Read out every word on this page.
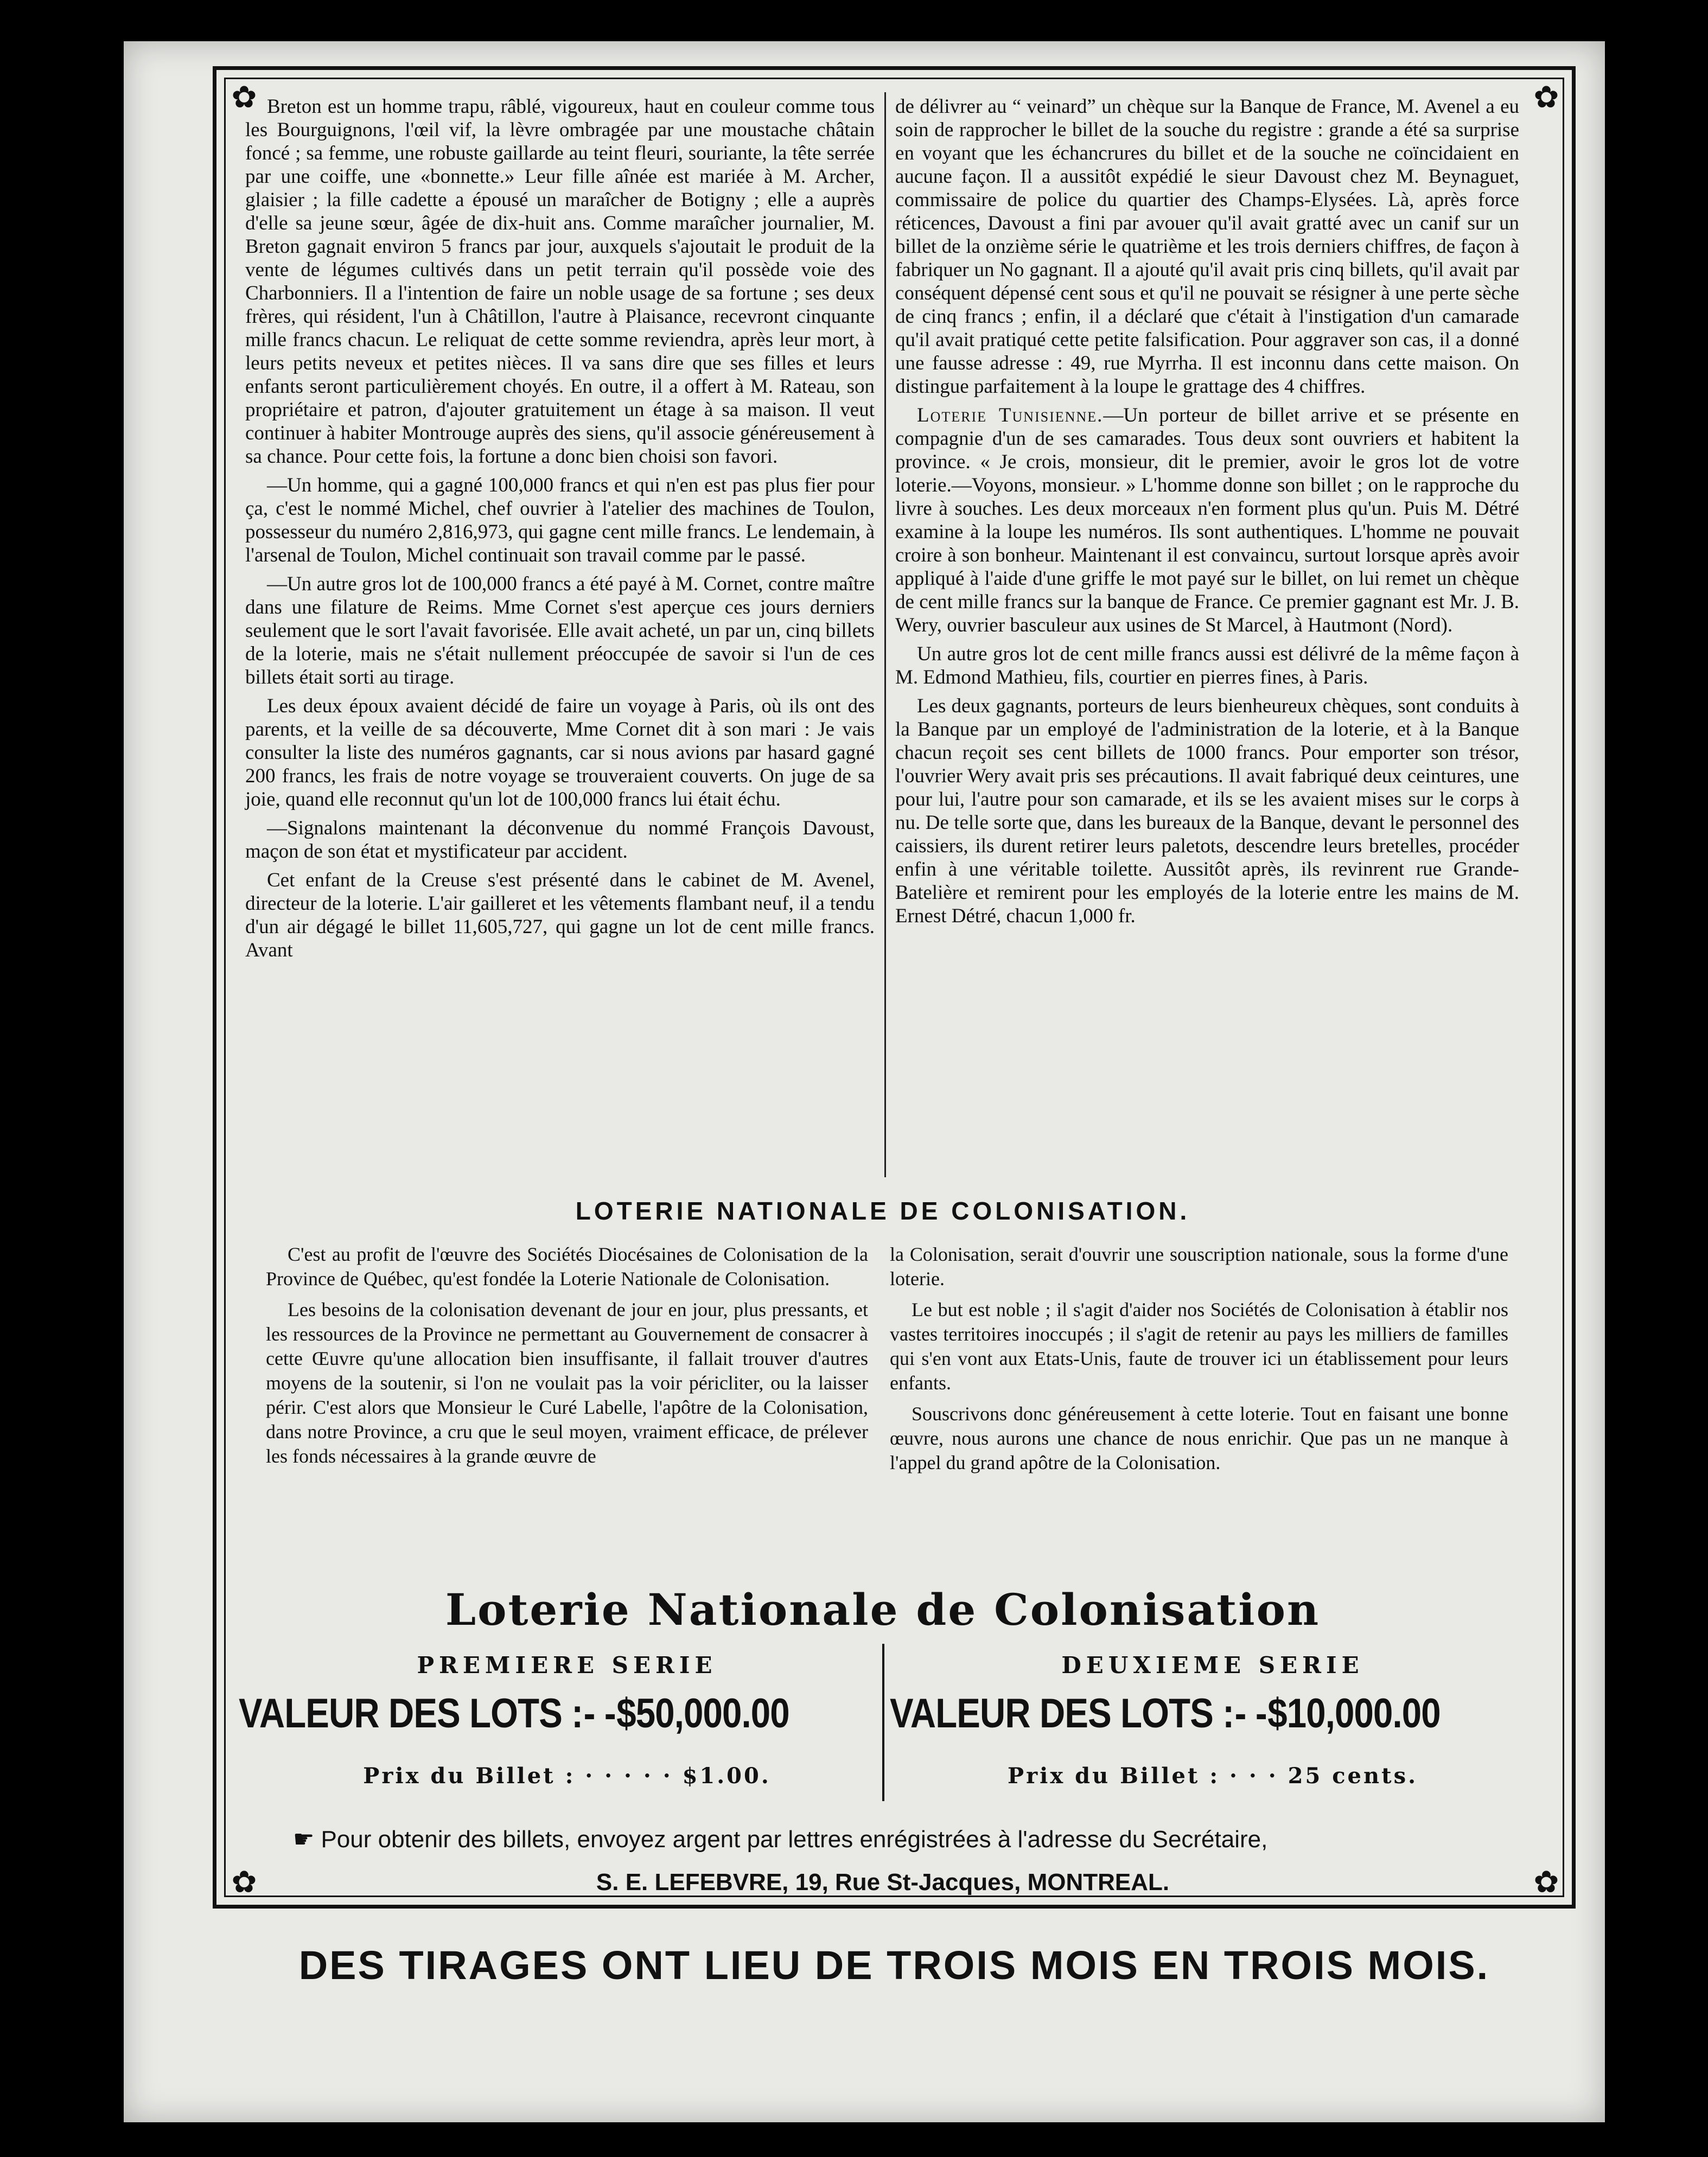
✿	✿
✿	✿

Breton est un homme trapu, râblé, vigoureux, haut en couleur comme tous les Bourguignons, l'œil vif, la lèvre ombragée par une moustache châtain foncé ; sa femme, une robuste gaillarde au teint fleuri, souriante, la tête serrée par une coiffe, une «bonnette.» Leur fille aînée est mariée à M. Archer, glaisier ; la fille cadette a épousé un maraîcher de Botigny ; elle a auprès d'elle sa jeune sœur, âgée de dix-huit ans. Comme maraîcher journalier, M. Breton gagnait environ 5 francs par jour, auxquels s'ajoutait le produit de la vente de légumes cultivés dans un petit terrain qu'il possède voie des Charbonniers. Il a l'intention de faire un noble usage de sa fortune ; ses deux frères, qui résident, l'un à Châtillon, l'autre à Plaisance, recevront cinquante mille francs chacun. Le reliquat de cette somme reviendra, après leur mort, à leurs petits neveux et petites nièces. Il va sans dire que ses filles et leurs enfants seront particulièrement choyés. En outre, il a offert à M. Rateau, son propriétaire et patron, d'ajouter gratuitement un étage à sa maison. Il veut continuer à habiter Montrouge auprès des siens, qu'il associe généreusement à sa chance. Pour cette fois, la fortune a donc bien choisi son favori.

—Un homme, qui a gagné 100,000 francs et qui n'en est pas plus fier pour ça, c'est le nommé Michel, chef ouvrier à l'atelier des machines de Toulon, possesseur du numéro 2,816,973, qui gagne cent mille francs. Le lendemain, à l'arsenal de Toulon, Michel continuait son travail comme par le passé.

—Un autre gros lot de 100,000 francs a été payé à M. Cornet, contre maître dans une filature de Reims. Mme Cornet s'est aperçue ces jours derniers seulement que le sort l'avait favorisée. Elle avait acheté, un par un, cinq billets de la loterie, mais ne s'était nullement préoccupée de savoir si l'un de ces billets était sorti au tirage.

Les deux époux avaient décidé de faire un voyage à Paris, où ils ont des parents, et la veille de sa découverte, Mme Cornet dit à son mari : Je vais consulter la liste des numéros gagnants, car si nous avions par hasard gagné 200 francs, les frais de notre voyage se trouveraient couverts. On juge de sa joie, quand elle reconnut qu'un lot de 100,000 francs lui était échu.

—Signalons maintenant la déconvenue du nommé François Davoust, maçon de son état et mystificateur par accident.

Cet enfant de la Creuse s'est présenté dans le cabinet de M. Avenel, directeur de la loterie. L'air gailleret et les vêtements flambant neuf, il a tendu d'un air dégagé le billet 11,605,727, qui gagne un lot de cent mille francs. Avant

de délivrer au “ veinard” un chèque sur la Banque de France, M. Avenel a eu soin de rapprocher le billet de la souche du registre : grande a été sa surprise en voyant que les échancrures du billet et de la souche ne coïncidaient en aucune façon. Il a aussitôt expédié le sieur Davoust chez M. Beynaguet, commissaire de police du quartier des Champs-Elysées. Là, après force réticences, Davoust a fini par avouer qu'il avait gratté avec un canif sur un billet de la onzième série le quatrième et les trois derniers chiffres, de façon à fabriquer un No gagnant. Il a ajouté qu'il avait pris cinq billets, qu'il avait par conséquent dépensé cent sous et qu'il ne pouvait se résigner à une perte sèche de cinq francs ; enfin, il a déclaré que c'était à l'instigation d'un camarade qu'il avait pratiqué cette petite falsification. Pour aggraver son cas, il a donné une fausse adresse : 49, rue Myrrha. Il est inconnu dans cette maison. On distingue parfaitement à la loupe le grattage des 4 chiffres.

Loterie Tunisienne.—Un porteur de billet arrive et se présente en compagnie d'un de ses camarades. Tous deux sont ouvriers et habitent la province. « Je crois, monsieur, dit le premier, avoir le gros lot de votre loterie.—Voyons, monsieur. » L'homme donne son billet ; on le rapproche du livre à souches. Les deux morceaux n'en forment plus qu'un. Puis M. Détré examine à la loupe les numéros. Ils sont authentiques. L'homme ne pouvait croire à son bonheur. Maintenant il est convaincu, surtout lorsque après avoir appliqué à l'aide d'une griffe le mot payé sur le billet, on lui remet un chèque de cent mille francs sur la banque de France. Ce premier gagnant est Mr. J. B. Wery, ouvrier basculeur aux usines de St Marcel, à Hautmont (Nord).

Un autre gros lot de cent mille francs aussi est délivré de la même façon à M. Edmond Mathieu, fils, courtier en pierres fines, à Paris.

Les deux gagnants, porteurs de leurs bienheureux chèques, sont conduits à la Banque par un employé de l'administration de la loterie, et à la Banque chacun reçoit ses cent billets de 1000 francs. Pour emporter son trésor, l'ouvrier Wery avait pris ses précautions. Il avait fabriqué deux ceintures, une pour lui, l'autre pour son camarade, et ils se les avaient mises sur le corps à nu. De telle sorte que, dans les bureaux de la Banque, devant le personnel des caissiers, ils durent retirer leurs paletots, descendre leurs bretelles, procéder enfin à une véritable toilette. Aussitôt après, ils revinrent rue Grande-Batelière et remirent pour les employés de la loterie entre les mains de M. Ernest Détré, chacun 1,000 fr.

LOTERIE NATIONALE DE COLONISATION.

C'est au profit de l'œuvre des Sociétés Diocésaines de Colonisation de la Province de Québec, qu'est fondée la Loterie Nationale de Colonisation.

Les besoins de la colonisation devenant de jour en jour, plus pressants, et les ressources de la Province ne permettant au Gouvernement de consacrer à cette Œuvre qu'une allocation bien insuffisante, il fallait trouver d'autres moyens de la soutenir, si l'on ne voulait pas la voir péricliter, ou la laisser périr. C'est alors que Monsieur le Curé Labelle, l'apôtre de la Colonisation, dans notre Province, a cru que le seul moyen, vraiment efficace, de prélever les fonds nécessaires à la grande œuvre de

la Colonisation, serait d'ouvrir une souscription nationale, sous la forme d'une loterie.

Le but est noble ; il s'agit d'aider nos Sociétés de Colonisation à établir nos vastes territoires inoccupés ; il s'agit de retenir au pays les milliers de familles qui s'en vont aux Etats-Unis, faute de trouver ici un établissement pour leurs enfants.

Souscrivons donc généreusement à cette loterie. Tout en faisant une bonne œuvre, nous aurons une chance de nous enrichir. Que pas un ne manque à l'appel du grand apôtre de la Colonisation.

Loterie Nationale de Colonisation
PREMIERE SERIE	DEUXIEME SERIE
VALEUR DES LOTS : - - $50,000.00 VALEUR DES LOTS : - - $10,000.00
Prix du Billet : · · · · · $1.00.	Prix du Billet : · · · 25 cents.
☛ Pour obtenir des billets, envoyez argent par lettres enrégistrées à l'adresse du Secrétaire,
S. E. LEFEBVRE, 19, Rue St-Jacques, MONTREAL.
DES TIRAGES ONT LIEU DE TROIS MOIS EN TROIS MOIS.
